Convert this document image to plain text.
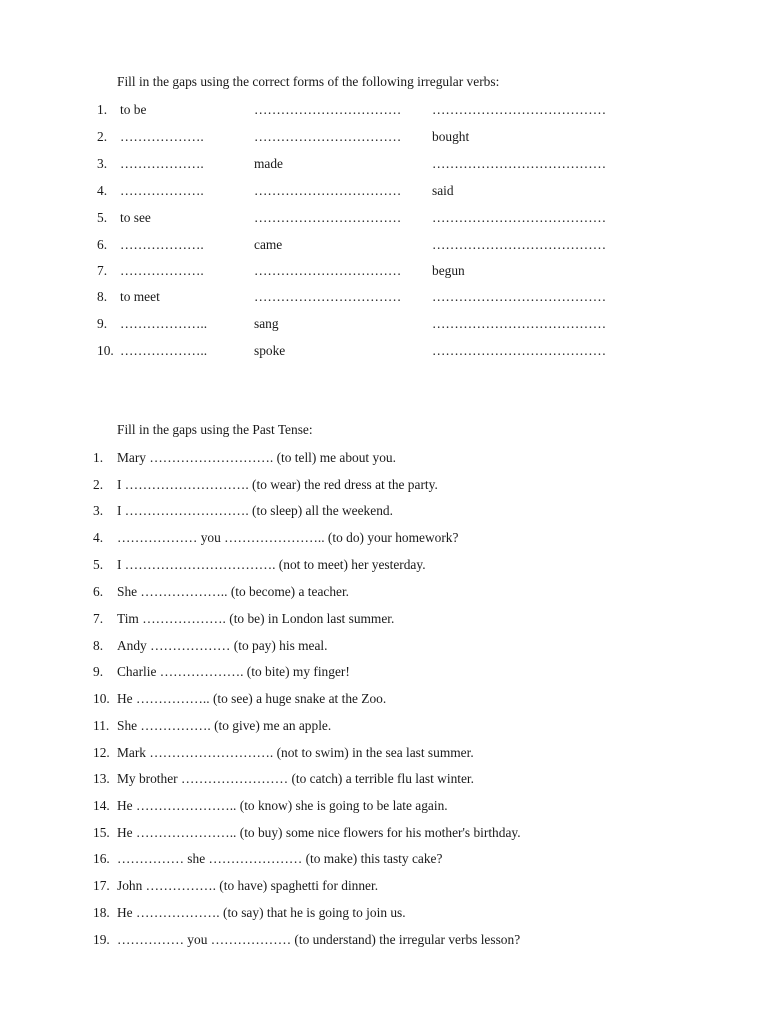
Fill in the gaps using the correct forms of the following irregular verbs:
1. to be	…………………………… …………………………………
2. ……………….	…………………………… bought
3. ……………….	made	…………………………………
4. ……………….	…………………………… said
5. to see	…………………………… …………………………………
6. ……………….	came	…………………………………
7. ……………….	…………………………… begun
8. to meet	…………………………… …………………………………
9. ………………..	sang	…………………………………
10. ………………..	spoke	…………………………………
Fill in the gaps using the Past Tense:
1. Mary ………………………. (to tell) me about you.
2. I ………………………. (to wear) the red dress at the party.
3. I ………………………. (to sleep) all the weekend.
4. ……………… you ………………….. (to do) your homework?
5. I ……………………………. (not to meet) her yesterday.
6. She ……………….. (to become) a teacher.
7. Tim ………………. (to be) in London last summer.
8. Andy ……………… (to pay) his meal.
9. Charlie ………………. (to bite) my finger!
10. He …………….. (to see) a huge snake at the Zoo.
11. She ……………. (to give) me an apple.
12. Mark ………………………. (not to swim) in the sea last summer.
13. My brother …………………… (to catch) a terrible flu last winter.
14. He ………………….. (to know) she is going to be late again.
15. He ………………….. (to buy) some nice flowers for his mother's birthday.
16. …………… she ………………… (to make) this tasty cake?
17. John ……………. (to have) spaghetti for dinner.
18. He ………………. (to say) that he is going to join us.
19. …………… you ……………… (to understand) the irregular verbs lesson?
